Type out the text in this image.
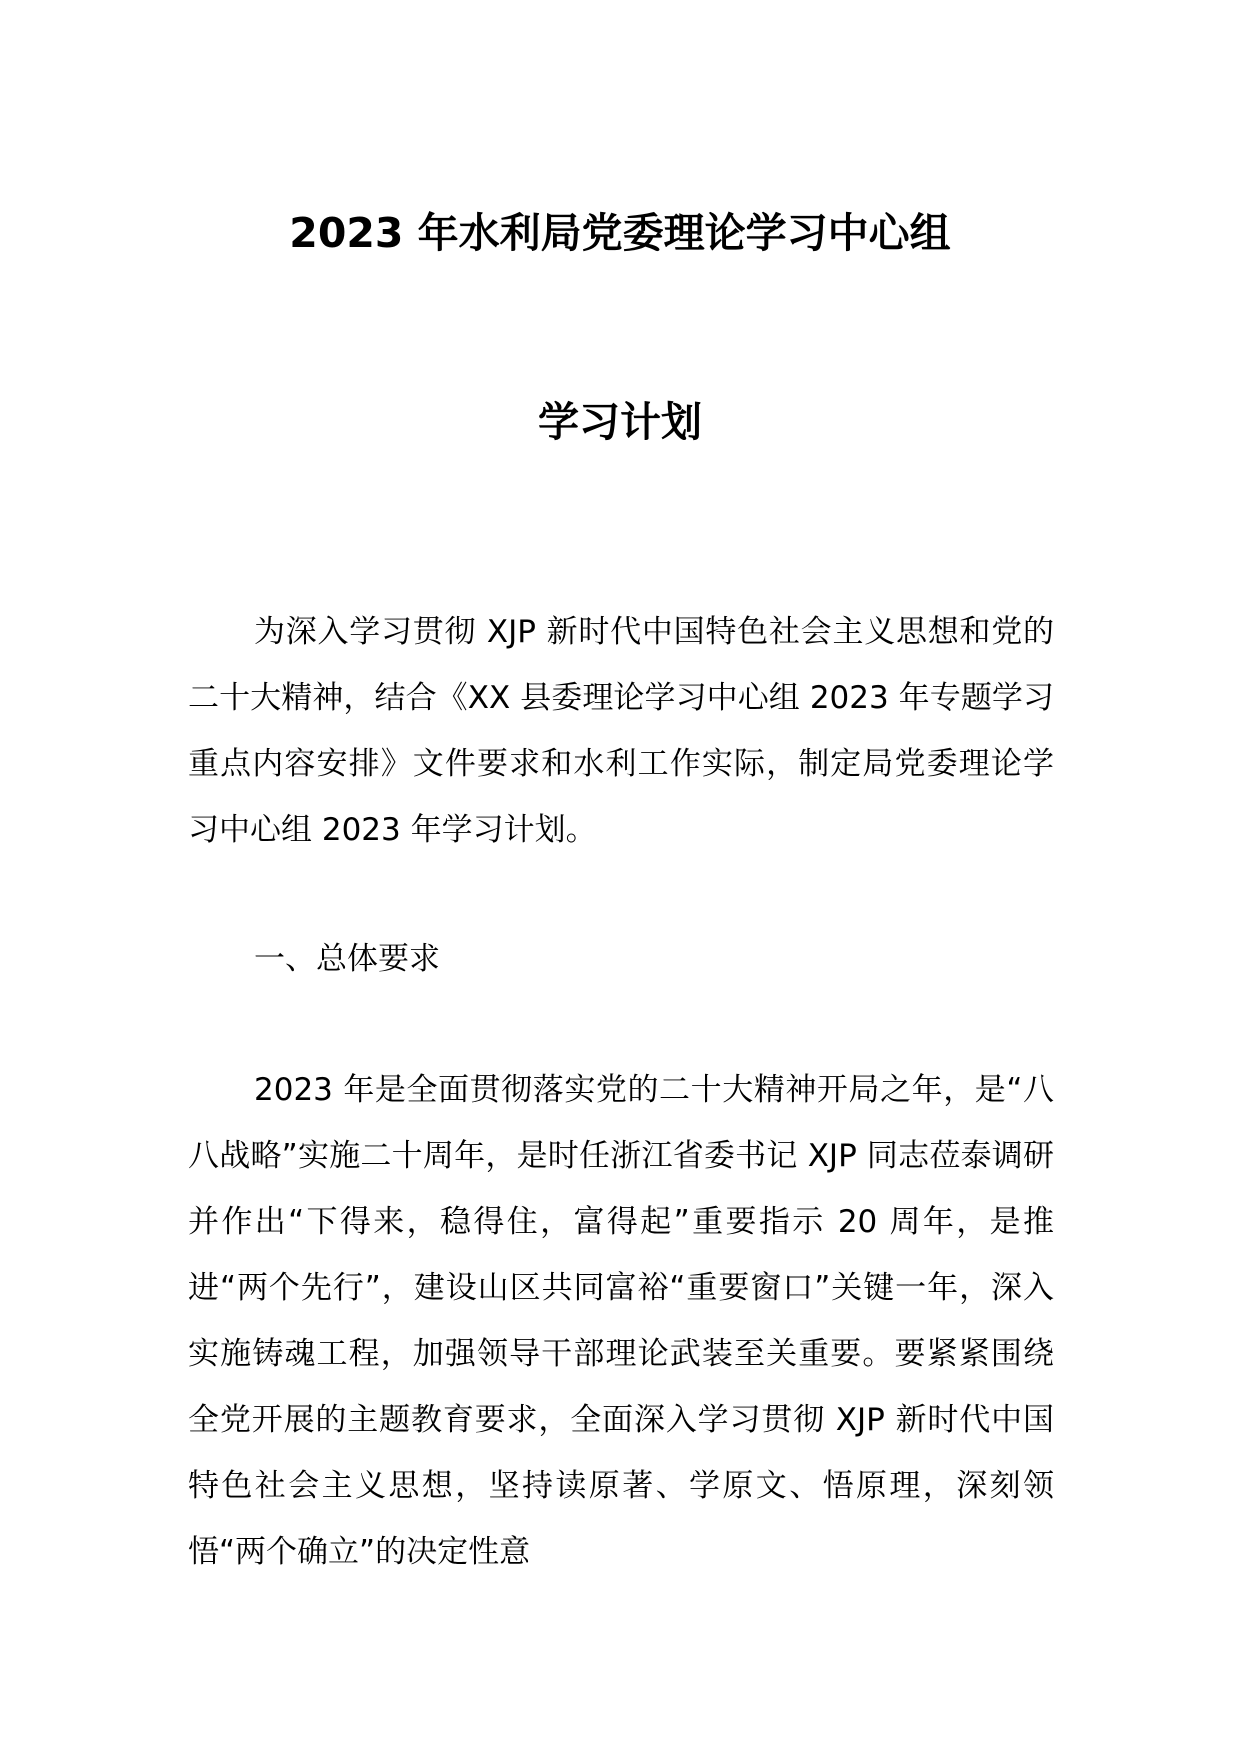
2023 年水利局党委理论学习中心组
学习计划

为深入学习贯彻 XJP 新时代中国特色社会主义思想和党的二十大精神，结合《XX 县委理论学习中心组 2023 年专题学习重点内容安排》文件要求和水利工作实际，制定局党委理论学习中心组 2023 年学习计划。

一、总体要求

2023 年是全面贯彻落实党的二十大精神开局之年，是“八八战略”实施二十周年，是时任浙江省委书记 XJP 同志莅泰调研并作出“下得来，稳得住，富得起”重要指示 20 周年，是推进“两个先行”，建设山区共同富裕“重要窗口”关键一年，深入实施铸魂工程，加强领导干部理论武装至关重要。要紧紧围绕全党开展的主题教育要求，全面深入学习贯彻 XJP 新时代中国特色社会主义思想，坚持读原著、学原文、悟原理，深刻领悟“两个确立”的决定性意
